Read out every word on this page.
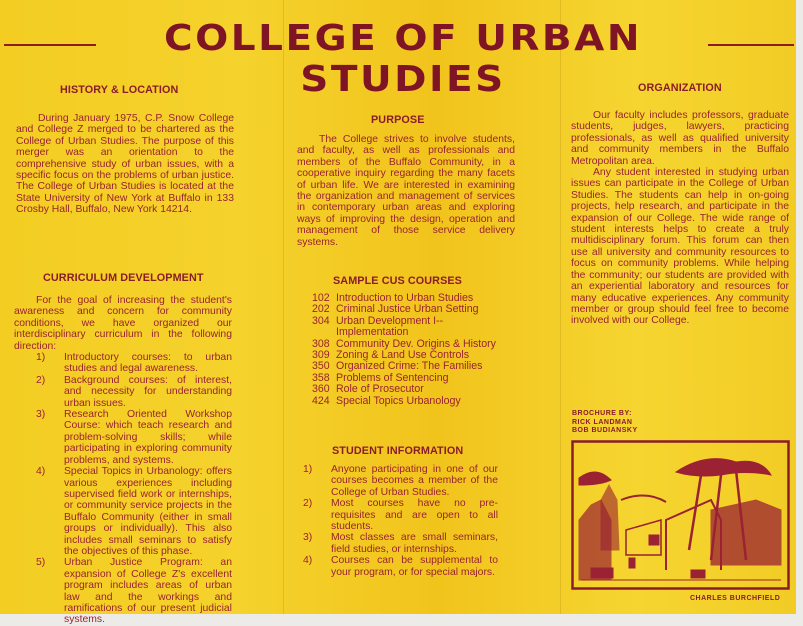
COLLEGE OF URBAN STUDIES
HISTORY & LOCATION
During January 1975, C.P. Snow College and College Z merged to be chartered as the College of Urban Studies. The purpose of this merger was an orientation to the comprehensive study of urban issues, with a specific focus on the problems of urban justice. The College of Urban Studies is located at the State University of New York at Buffalo in 133 Crosby Hall, Buffalo, New York 14214.
CURRICULUM DEVELOPMENT

For the goal of increasing the student's awareness and concern for community conditions, we have organized our interdisciplinary curriculum in the following direction:

1)	Introductory courses: to urban studies and legal awareness.
2)	Background courses: of interest, and necessity for understanding urban issues.
3)	Research Oriented Workshop Course: which teach research and problem-solving skills; while participating in exploring community problems, and systems.
4)	Special Topics in Urbanology: offers various experiences including supervised field work or internships, or community service projects in the Buffalo Community (either in small groups or individually). This also includes small seminars to satisfy the objectives of this phase.
5)	Urban Justice Program: an expansion of College Z's excellent program includes areas of urban law and the workings and ramifications of our present judicial systems.
PURPOSE
The College strives to involve students, and faculty, as well as professionals and members of the Buffalo Community, in a cooperative inquiry regarding the many facets of urban life. We are interested in examining the organization and management of services in contemporary urban areas and exploring ways of improving the design, operation and management of those service delivery systems.
SAMPLE CUS COURSES
102 Introduction to Urban Studies
202 Criminal Justice Urban Setting
304 Urban Development I-- Implementation
308 Community Dev. Origins & History
309 Zoning & Land Use Controls
350 Organized Crime: The Families
358 Problems of Sentencing
360 Role of Prosecutor
424 Special Topics Urbanology
STUDENT INFORMATION
1)	Anyone participating in one of our courses becomes a member of the College of Urban Studies.
2)	Most courses have no pre-requisites and are open to all students.
3)	Most classes are small seminars, field studies, or internships.
4)	Courses can be supplemental to your program, or for special majors.
ORGANIZATION

Our faculty includes professors, graduate students, judges, lawyers, practicing professionals, as well as qualified university and community members in the Buffalo Metropolitan area.

Any student interested in studying urban issues can participate in the College of Urban Studies. The students can help in on-going projects, help research, and participate in the expansion of our College. The wide range of student interests helps to create a truly multidisciplinary forum. This forum can then use all university and community resources to focus on community problems. While helping the community; our students are provided with an experiential laboratory and resources for many educative experiences. Any community member or group should feel free to become involved with our College.

BROCHURE BY:
RICK LANDMAN
BOB BUDIANSKY
CHARLES BURCHFIELD
